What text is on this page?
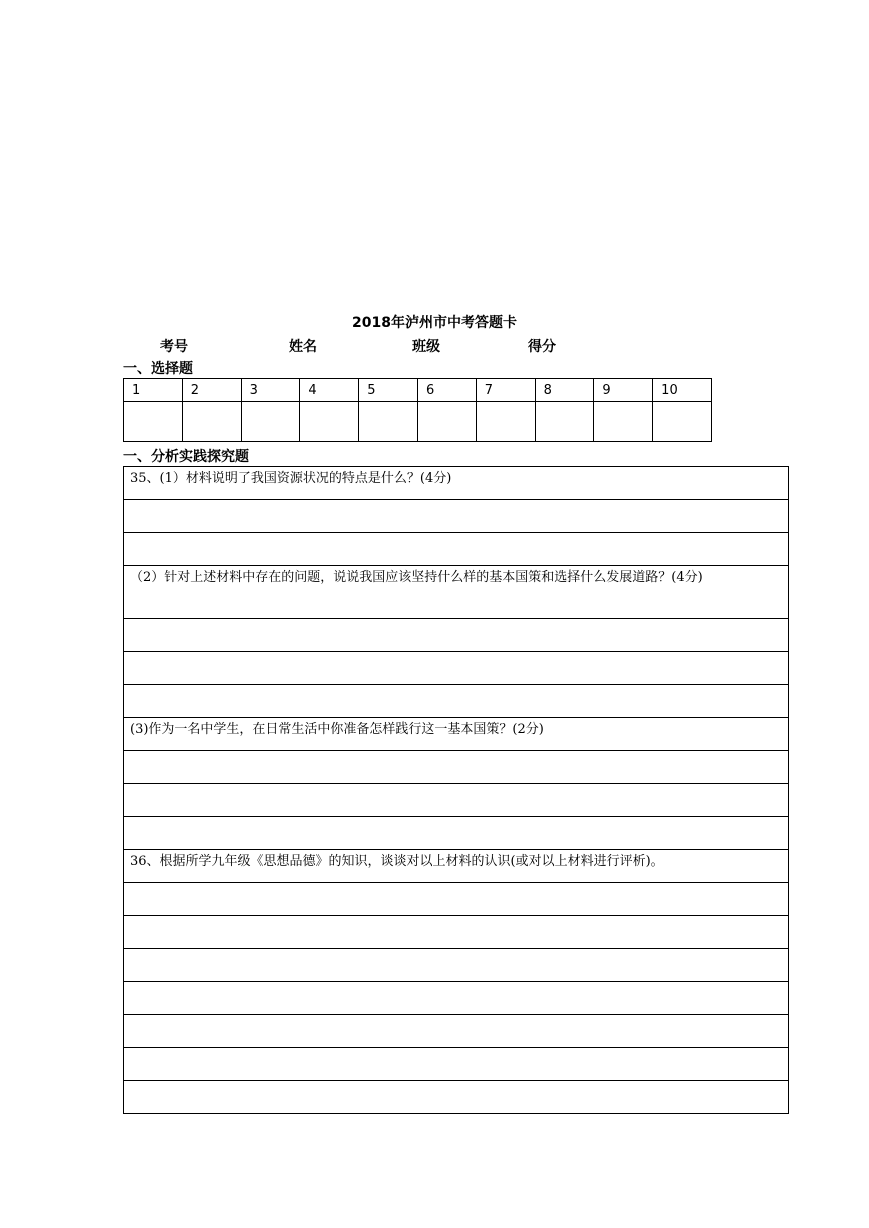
2018年泸州市中考答题卡
考号	姓名	班级	得分
一、选择题
1	2	3	4	5	6	7	8	9	10

一、分析实践探究题
35、(1）材料说明了我国资源状况的特点是什么？(4分)

（2）针对上述材料中存在的问题，说说我国应该坚持什么样的基本国策和选择什么发展道路？(4分)

(3)作为一名中学生，在日常生活中你准备怎样践行这一基本国策？(2分)

36、根据所学九年级《思想品德》的知识，谈谈对以上材料的认识(或对以上材料进行评析)。
